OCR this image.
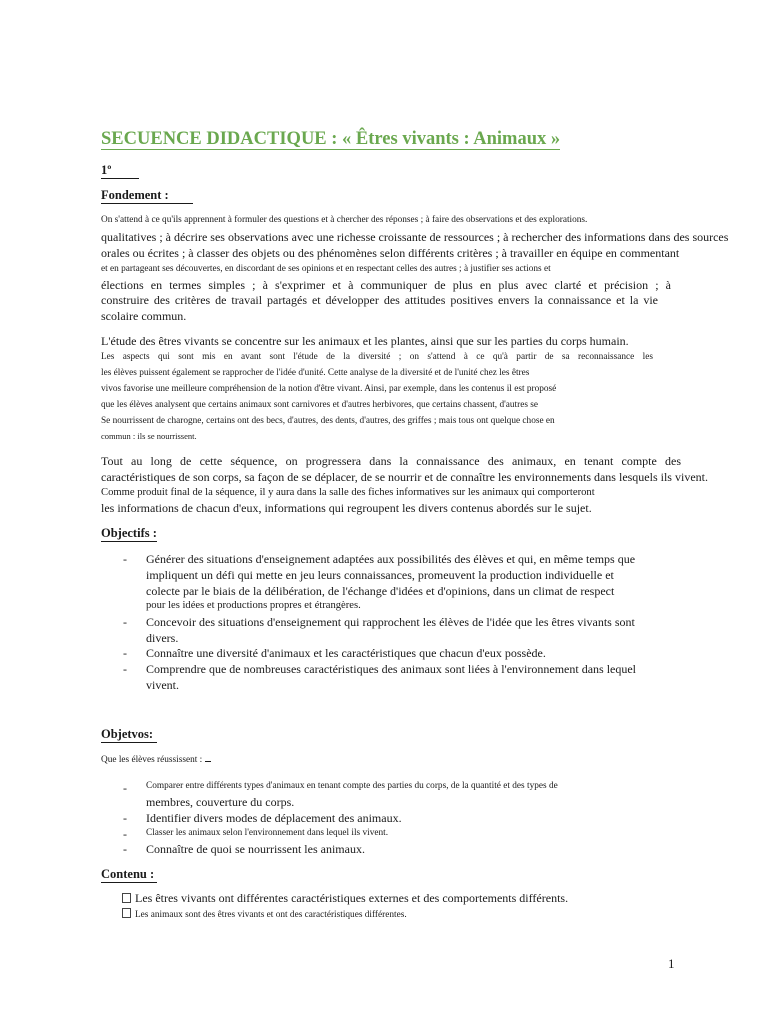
SECUENCE DIDACTIQUE : « Êtres vivants : Animaux »
1º
Fondement :
On s'attend à ce qu'ils apprennent à formuler des questions et à chercher des réponses ; à faire des observations et des explorations.
qualitatives ; à décrire ses observations avec une richesse croissante de ressources ; à rechercher des informations dans des sources
orales ou écrites ; à classer des objets ou des phénomènes selon différents critères ; à travailler en équipe en commentant
et en partageant ses découvertes, en discordant de ses opinions et en respectant celles des autres ; à justifier ses actions et
élections en termes simples ; à s'exprimer et à communiquer de plus en plus avec clarté et précision ; à
construire des critères de travail partagés et développer des attitudes positives envers la connaissance et la vie
scolaire commun.
L'étude des êtres vivants se concentre sur les animaux et les plantes, ainsi que sur les parties du corps humain.
Les aspects qui sont mis en avant sont l'étude de la diversité ; on s'attend à ce qu'à partir de sa reconnaissance les
les élèves puissent également se rapprocher de l'idée d'unité. Cette analyse de la diversité et de l'unité chez les êtres
vivos favorise une meilleure compréhension de la notion d'être vivant. Ainsi, par exemple, dans les contenus il est proposé
que les élèves analysent que certains animaux sont carnivores et d'autres herbivores, que certains chassent, d'autres se
Se nourrissent de charogne, certains ont des becs, d'autres, des dents, d'autres, des griffes ; mais tous ont quelque chose en
commun : ils se nourrissent.
Tout au long de cette séquence, on progressera dans la connaissance des animaux, en tenant compte des
caractéristiques de son corps, sa façon de se déplacer, de se nourrir et de connaître les environnements dans lesquels ils vivent.
Comme produit final de la séquence, il y aura dans la salle des fiches informatives sur les animaux qui comporteront
les informations de chacun d'eux, informations qui regroupent les divers contenus abordés sur le sujet.
Objectifs :
- Générer des situations d'enseignement adaptées aux possibilités des élèves et qui, en même temps que
impliquent un défi qui mette en jeu leurs connaissances, promeuvent la production individuelle et
colecte par le biais de la délibération, de l'échange d'idées et d'opinions, dans un climat de respect
pour les idées et productions propres et étrangères.
- Concevoir des situations d'enseignement qui rapprochent les élèves de l'idée que les êtres vivants sont
divers.
- Connaître une diversité d'animaux et les caractéristiques que chacun d'eux possède.
- Comprendre que de nombreuses caractéristiques des animaux sont liées à l'environnement dans lequel
vivent.
Objetvos:
Que les élèves réussissent :
- Comparer entre différents types d'animaux en tenant compte des parties du corps, de la quantité et des types de
membres, couverture du corps.
- Identifier divers modes de déplacement des animaux.
- Classer les animaux selon l'environnement dans lequel ils vivent.
- Connaître de quoi se nourrissent les animaux.
Contenu :
Les êtres vivants ont différentes caractéristiques externes et des comportements différents.
Les animaux sont des êtres vivants et ont des caractéristiques différentes.
1
